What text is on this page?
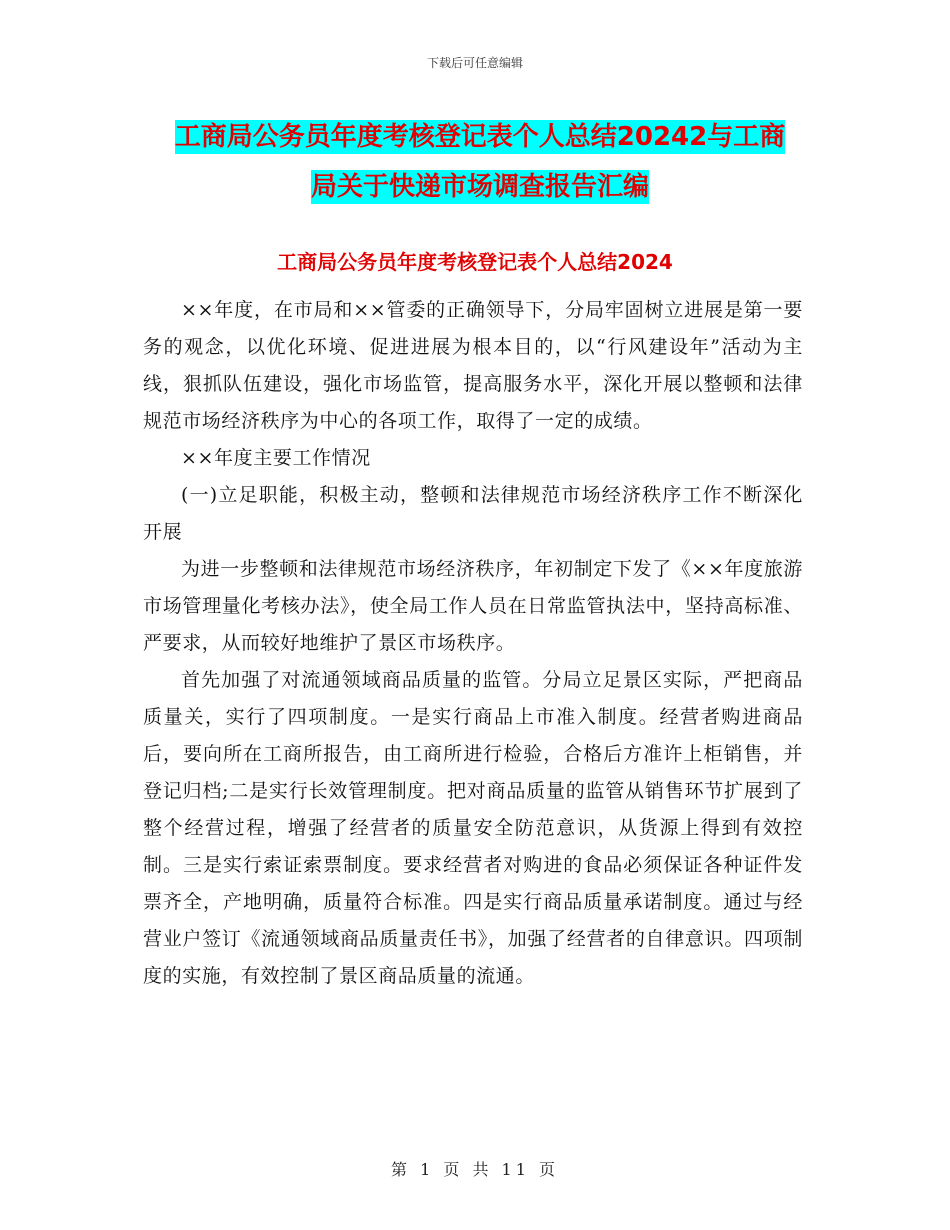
下载后可任意编辑
工商局公务员年度考核登记表个人总结20242与工商
局关于快递市场调查报告汇编
工商局公务员年度考核登记表个人总结2024

××年度，在市局和××管委的正确领导下，分局牢固树立进展是第一要务的观念，以优化环境、促进进展为根本目的，以“行风建设年”活动为主线，狠抓队伍建设，强化市场监管，提高服务水平，深化开展以整顿和法律规范市场经济秩序为中心的各项工作，取得了一定的成绩。

××年度主要工作情况

(一)立足职能，积极主动，整顿和法律规范市场经济秩序工作不断深化开展

为进一步整顿和法律规范市场经济秩序，年初制定下发了《××年度旅游市场管理量化考核办法》，使全局工作人员在日常监管执法中，坚持高标准、严要求，从而较好地维护了景区市场秩序。

首先加强了对流通领域商品质量的监管。分局立足景区实际，严把商品质量关，实行了四项制度。一是实行商品上市准入制度。经营者购进商品后，要向所在工商所报告，由工商所进行检验，合格后方准许上柜销售，并登记归档;二是实行长效管理制度。把对商品质量的监管从销售环节扩展到了整个经营过程，增强了经营者的质量安全防范意识，从货源上得到有效控制。三是实行索证索票制度。要求经营者对购进的食品必须保证各种证件发票齐全，产地明确，质量符合标准。四是实行商品质量承诺制度。通过与经营业户签订《流通领域商品质量责任书》，加强了经营者的自律意识。四项制度的实施，有效控制了景区商品质量的流通。

第 1 页 共 11 页
